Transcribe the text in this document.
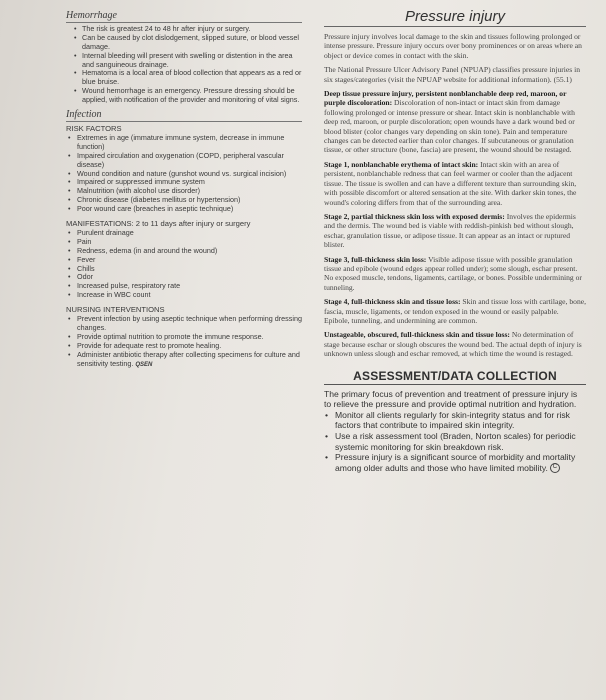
Hemorrhage
• The risk is greatest 24 to 48 hr after injury or surgery.
• Can be caused by clot dislodgement, slipped suture, or blood vessel damage.
• Internal bleeding will present with swelling or distention in the area and sanguineous drainage.
• Hematoma is a local area of blood collection that appears as a red or blue bruise.
• Wound hemorrhage is an emergency. Pressure dressing should be applied, with notification of the provider and monitoring of vital signs.
Infection
RISK FACTORS
• Extremes in age (immature immune system, decrease in immune function)
• Impaired circulation and oxygenation (COPD, peripheral vascular disease)
• Wound condition and nature (gunshot wound vs. surgical incision)
• Impaired or suppressed immune system
• Malnutrition (with alcohol use disorder)
• Chronic disease (diabetes mellitus or hypertension)
• Poor wound care (breaches in aseptic technique)
MANIFESTATIONS: 2 to 11 days after injury or surgery
• Purulent drainage
• Pain
• Redness, edema (in and around the wound)
• Fever
• Chills
• Odor
• Increased pulse, respiratory rate
• Increase in WBC count
NURSING INTERVENTIONS
• Prevent infection by using aseptic technique when performing dressing changes.
• Provide optimal nutrition to promote the immune response.
• Provide for adequate rest to promote healing.
• Administer antibiotic therapy after collecting specimens for culture and sensitivity testing. QSEN
Pressure injury

Pressure injury involves local damage to the skin and tissues following prolonged or intense pressure. Pressure injury occurs over bony prominences or on areas where an object or device comes in contact with the skin.

The National Pressure Ulcer Advisory Panel (NPUAP) classifies pressure injuries in six stages/categories (visit the NPUAP website for additional information). (55.1)

Deep tissue pressure injury, persistent nonblanchable deep red, maroon, or purple discoloration: Discoloration of non-intact or intact skin from damage following prolonged or intense pressure or shear. Intact skin is nonblanchable with deep red, maroon, or purple discoloration; open wounds have a dark wound bed or blood blister (color changes vary depending on skin tone). Pain and temperature changes can be detected earlier than color changes. If subcutaneous or granulation tissue, or other structure (bone, fascia) are present, the wound should be restaged.

Stage 1, nonblanchable erythema of intact skin: Intact skin with an area of persistent, nonblanchable redness that can feel warmer or cooler than the adjacent tissue. The tissue is swollen and can have a different texture than surrounding skin, with possible discomfort or altered sensation at the site. With darker skin tones, the wound's coloring differs from that of the surrounding area.

Stage 2, partial thickness skin loss with exposed dermis: Involves the epidermis and the dermis. The wound bed is viable with reddish-pinkish bed without slough, eschar, granulation tissue, or adipose tissue. It can appear as an intact or ruptured blister.

Stage 3, full-thickness skin loss: Visible adipose tissue with possible granulation tissue and epibole (wound edges appear rolled under); some slough, eschar present. No exposed muscle, tendons, ligaments, cartilage, or bones. Possible undermining or tunneling.

Stage 4, full-thickness skin and tissue loss: Skin and tissue loss with cartilage, bone, fascia, muscle, ligaments, or tendon exposed in the wound or easily palpable. Epibole, tunneling, and undermining are common.

Unstageable, obscured, full-thickness skin and tissue loss: No determination of stage because eschar or slough obscures the wound bed. The actual depth of injury is unknown unless slough and eschar removed, at which time the wound is restaged.

ASSESSMENT/DATA COLLECTION
The primary focus of prevention and treatment of pressure injury is to relieve the pressure and provide optimal nutrition and hydration.
• Monitor all clients regularly for skin-integrity status and for risk factors that contribute to impaired skin integrity.
• Use a risk assessment tool (Braden, Norton scales) for periodic systemic monitoring for skin breakdown risk.
• Pressure injury is a significant source of morbidity and mortality among older adults and those who have limited mobility. C
